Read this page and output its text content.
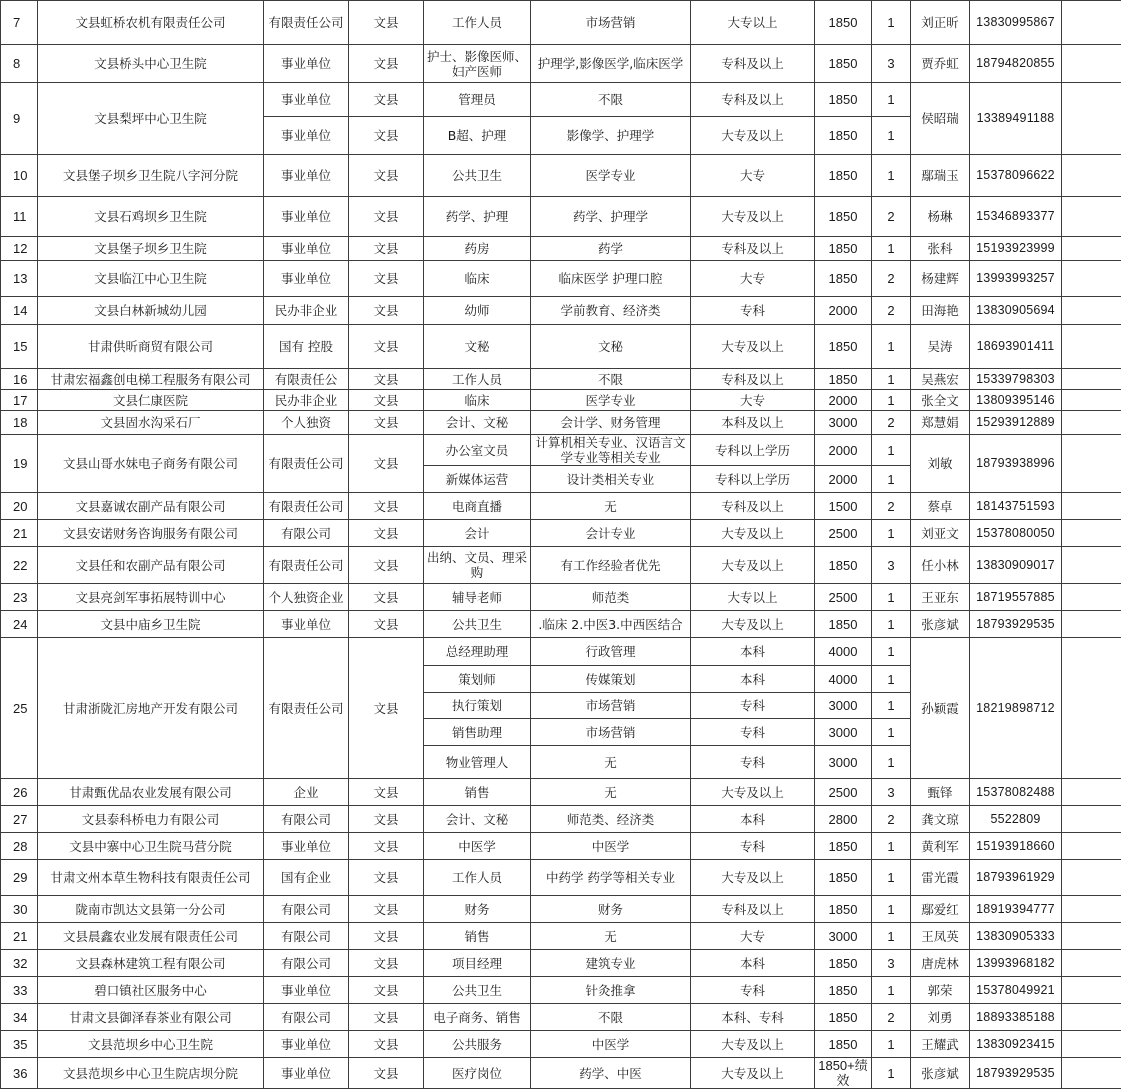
7	文县虹桥农机有限责任公司	有限责任公司	文县	工作人员	市场营销	大专以上	1850	1	刘正昕	13830995867	
8	文县桥头中心卫生院	事业单位	文县	护士、影像医师、妇产医师	护理学,影像医学,临床医学	专科及以上	1850	3	贾乔虹	18794820855	
9	文县梨坪中心卫生院	事业单位	文县	管理员	不限	专科及以上	1850	1	侯昭瑞	13389491188	
		事业单位	文县	B超、护理	影像学、护理学	大专及以上	1850	1			
10	文县堡子坝乡卫生院八字河分院	事业单位	文县	公共卫生	医学专业	大专	1850	1	鄢瑞玉	15378096622	
11	文县石鸡坝乡卫生院	事业单位	文县	药学、护理	药学、护理学	大专及以上	1850	2	杨琳	15346893377	
12	文县堡子坝乡卫生院	事业单位	文县	药房	药学	专科及以上	1850	1	张科	15193923999	
13	文县临江中心卫生院	事业单位	文县	临床	临床医学 护理口腔	大专	1850	2	杨建辉	13993993257	
14	文县白林新城幼儿园	民办非企业	文县	幼师	学前教育、经济类	专科	2000	2	田海艳	13830905694	
15	甘肃供昕商贸有限公司	国有 控股	文县	文秘	文秘	大专及以上	1850	1	吴涛	18693901411	
16	甘肃宏福鑫创电梯工程服务有限公司	有限责任公	文县	工作人员	不限	专科及以上	1850	1	吴燕宏	15339798303	
17	文县仁康医院	民办非企业	文县	临床	医学专业	大专	2000	1	张全文	13809395146	
18	文县固水沟采石厂	个人独资	文县	会计、文秘	会计学、财务管理	本科及以上	3000	2	郑慧娟	15293912889	
19	文县山哥水妹电子商务有限公司	有限责任公司	文县	办公室文员	计算机相关专业、汉语言文学专业等相关专业	专科以上学历	2000	1	刘敏	18793938996	
				新媒体运营	设计类相关专业	专科以上学历	2000	1			
20	文县嘉诚农副产品有限公司	有限责任公司	文县	电商直播	无	专科及以上	1500	2	蔡卓	18143751593	
21	文县安诺财务咨询服务有限公司	有限公司	文县	会计	会计专业	大专及以上	2500	1	刘亚文	15378080050	
22	文县任和农副产品有限公司	有限责任公司	文县	出纳、文员、理采购	有工作经验者优先	大专及以上	1850	3	任小林	13830909017	
23	文县亮剑军事拓展特训中心	个人独资企业	文县	辅导老师	师范类	大专以上	2500	1	王亚东	18719557885	
24	文县中庙乡卫生院	事业单位	文县	公共卫生	.临床 2.中医3.中西医结合	大专及以上	1850	1	张彦斌	18793929535	
25	甘肃浙陇汇房地产开发有限公司	有限责任公司	文县	总经理助理	行政管理	本科	4000	1	孙颖霞	18219898712	
				策划师	传媒策划	本科	4000	1			
				执行策划	市场营销	专科	3000	1			
				销售助理	市场营销	专科	3000	1			
				物业管理人	无	专科	3000	1			
26	甘肃甄优品农业发展有限公司	企业	文县	销售	无	大专及以上	2500	3	甄铎	15378082488	
27	文县泰科桥电力有限公司	有限公司	文县	会计、文秘	师范类、经济类	本科	2800	2	龚文琼	5522809	
28	文县中寨中心卫生院马营分院	事业单位	文县	中医学	中医学	专科	1850	1	黄利军	15193918660	
29	甘肃文州本草生物科技有限责任公司	国有企业	文县	工作人员	中药学 药学等相关专业	大专及以上	1850	1	雷光霞	18793961929	
30	陇南市凯达文县第一分公司	有限公司	文县	财务	财务	专科及以上	1850	1	鄢爱红	18919394777	
21	文县晨鑫农业发展有限责任公司	有限公司	文县	销售	无	大专	3000	1	王凤英	13830905333	
32	文县森林建筑工程有限公司	有限公司	文县	项目经理	建筑专业	本科	1850	3	唐虎林	13993968182	
33	碧口镇社区服务中心	事业单位	文县	公共卫生	针灸推拿	专科	1850	1	郭荣	15378049921	
34	甘肃文县御泽春茶业有限公司	有限公司	文县	电子商务、销售	不限	本科、专科	1850	2	刘勇	18893385188	
35	文县范坝乡中心卫生院	事业单位	文县	公共服务	中医学	大专及以上	1850	1	王耀武	13830923415	
36	文县范坝乡中心卫生院店坝分院	事业单位	文县	医疗岗位	药学、中医	大专及以上	1850+绩效	1	张彦斌	18793929535	
